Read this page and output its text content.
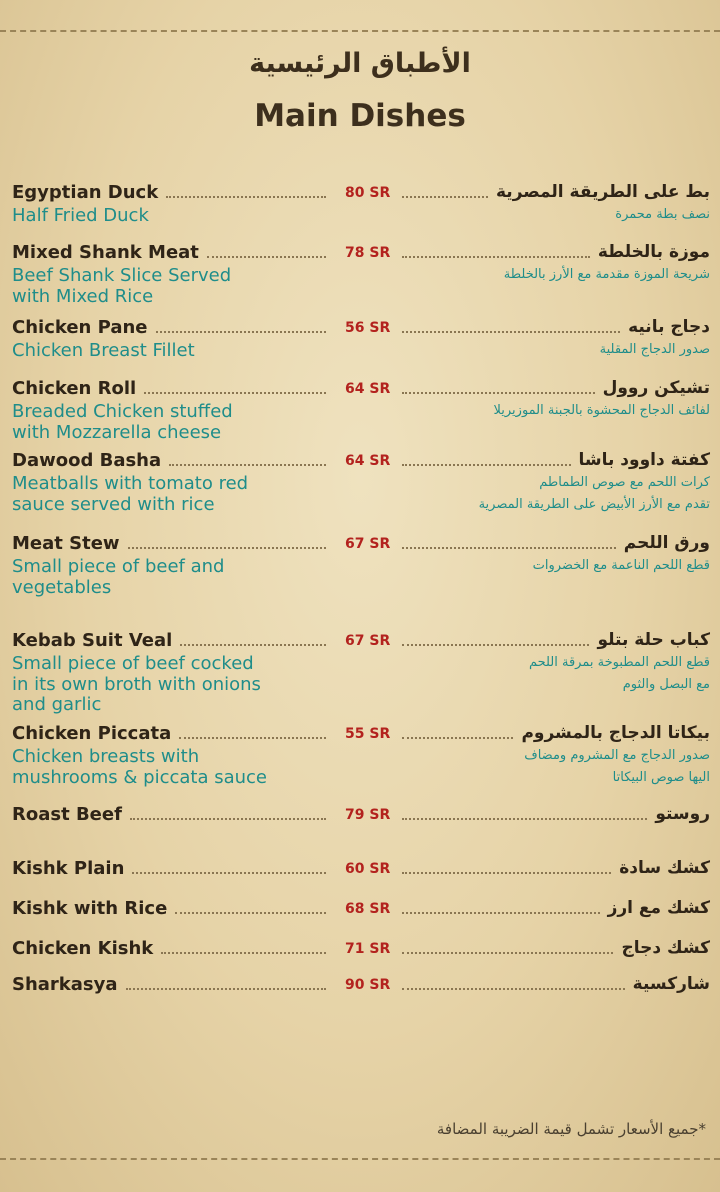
الأطباق الرئيسية
Main Dishes
Egyptian Duck	80 SR	بط على الطريقة المصرية
Half Fried Duck	نصف بطة محمرة
Mixed Shank Meat	78 SR	موزة بالخلطة
Beef Shank Slice Served
with Mixed Rice
شريحة الموزة مقدمة مع الأرز بالخلطة
Chicken Pane	56 SR	دجاج بانيه
Chicken Breast Fillet	صدور الدجاج المقلية
Chicken Roll	64 SR	تشيكن روول
Breaded Chicken stuffed
with Mozzarella cheese
لفائف الدجاج المحشوة بالجبنة الموزيريلا
Dawood Basha	64 SR	كفتة داوود باشا
Meatballs with tomato red
sauce served with rice
كرات اللحم مع صوص الطماطم
تقدم مع الأرز الأبيض على الطريقة المصرية
Meat Stew	67 SR	ورق اللحم
Small piece of beef and
vegetables
قطع اللحم الناعمة مع الخضروات
Kebab Suit Veal	67 SR	كباب حلة بتلو
Small piece of beef cocked
in its own broth with onions
and garlic
قطع اللحم المطبوخة بمرقة اللحم
مع البصل والثوم
Chicken Piccata	55 SR	بيكاتا الدجاج بالمشروم
Chicken breasts with
mushrooms & piccata sauce
صدور الدجاج مع المشروم ومضاف
اليها صوص البيكاتا
Roast Beef	79 SR	روستو
Kishk Plain	60 SR	كشك سادة
Kishk with Rice	68 SR	كشك مع ارز
Chicken Kishk	71 SR	كشك دجاج
Sharkasya	90 SR	شاركسية
*جميع الأسعار تشمل قيمة الضريبة المضافة
